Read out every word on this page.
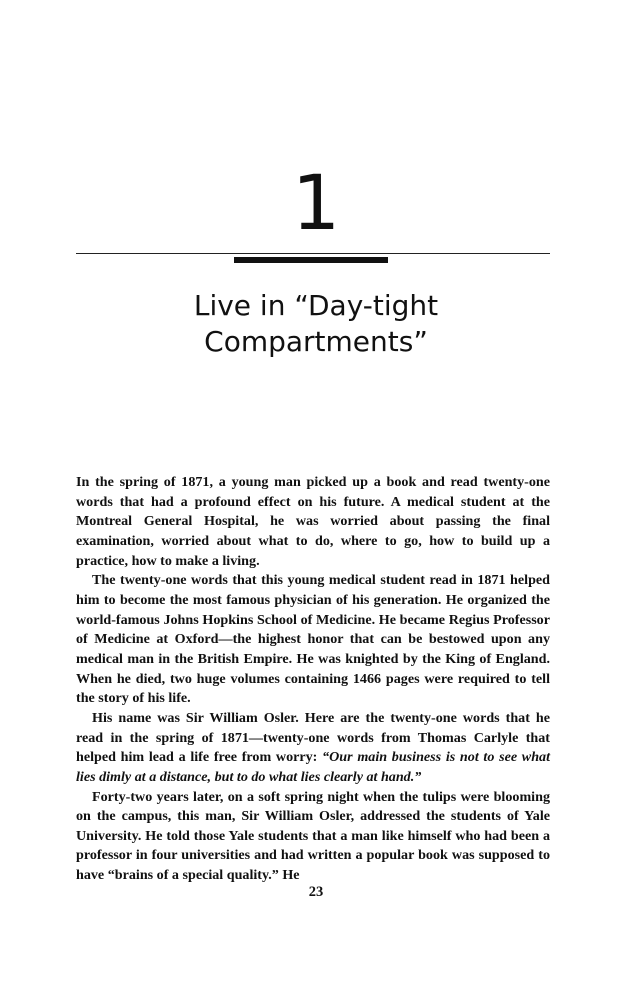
1
Live in “Day-tight
Compartments”

In the spring of 1871, a young man picked up a book and read twenty-one words that had a profound effect on his future. A medical student at the Montreal General Hospital, he was worried about passing the final examination, worried about what to do, where to go, how to build up a practice, how to make a living.

The twenty-one words that this young medical student read in 1871 helped him to become the most famous physician of his generation. He organized the world-famous Johns Hopkins School of Medicine. He became Regius Professor of Medicine at Oxford—the highest honor that can be bestowed upon any medical man in the British Empire. He was knighted by the King of England. When he died, two huge volumes containing 1466 pages were required to tell the story of his life.

His name was Sir William Osler. Here are the twenty-one words that he read in the spring of 1871—twenty-one words from Thomas Carlyle that helped him lead a life free from worry: “Our main business is not to see what lies dimly at a distance, but to do what lies clearly at hand.”

Forty-two years later, on a soft spring night when the tulips were blooming on the campus, this man, Sir William Osler, addressed the students of Yale University. He told those Yale students that a man like himself who had been a professor in four universities and had written a popular book was supposed to have “brains of a special quality.” He

23
